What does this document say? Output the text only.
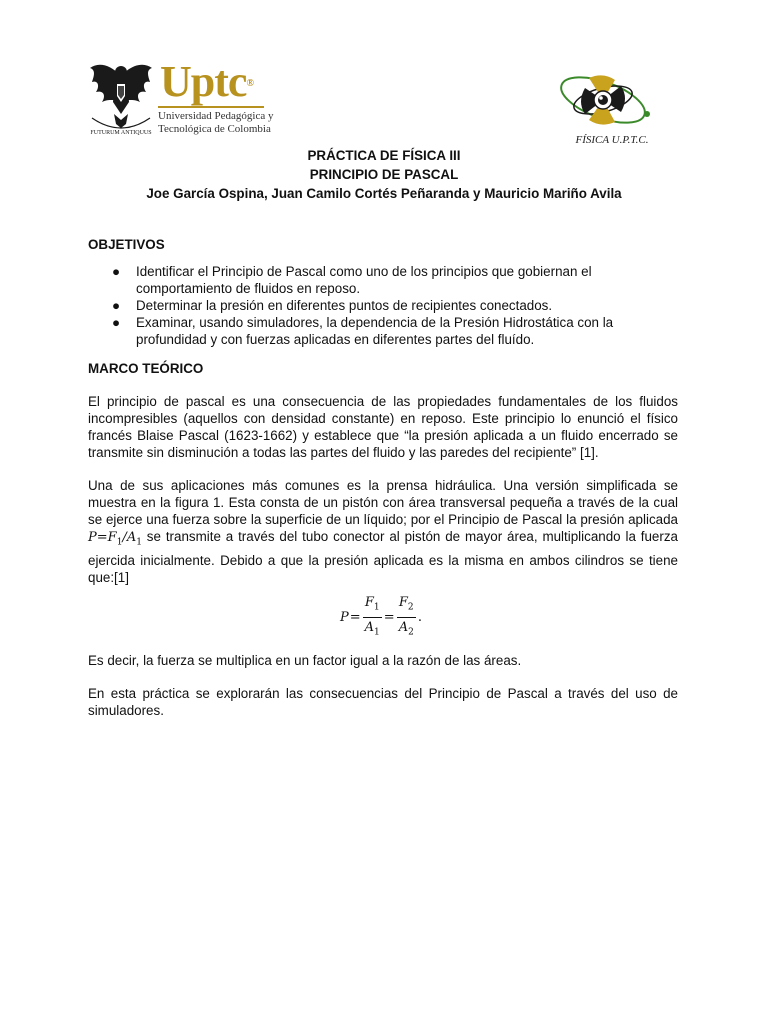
FUTURUM ANTIQUUS
Uptc®
Universidad Pedagógica y
Tecnológica de Colombia
FÍSICA U.P.T.C.
PRÁCTICA DE FÍSICA III
PRINCIPIO DE PASCAL
Joe García Ospina, Juan Camilo Cortés Peñaranda y Mauricio Mariño Avila
OBJETIVOS
● Identificar el Principio de Pascal como uno de los principios que gobiernan el comportamiento de fluidos en reposo.
● Determinar la presión en diferentes puntos de recipientes conectados.
● Examinar, usando simuladores, la dependencia de la Presión Hidrostática con la profundidad y con fuerzas aplicadas en diferentes partes del fluído.
MARCO TEÓRICO

El principio de pascal es una consecuencia de las propiedades fundamentales de los fluidos incompresibles (aquellos con densidad constante) en reposo. Este principio lo enunció el físico francés Blaise Pascal (1623-1662) y establece que “la presión aplicada a un fluido encerrado se transmite sin disminución a todas las partes del fluido y las paredes del recipiente” [1].

Una de sus aplicaciones más comunes es la prensa hidráulica. Una versión simplificada se muestra en la figura 1. Esta consta de un pistón con área transversal pequeña a través de la cual se ejerce una fuerza sobre la superficie de un líquido; por el Principio de Pascal la presión aplicada $P=F_1/A_1$ se transmite a través del tubo conector al pistón de mayor área, multiplicando la fuerza ejercida inicialmente. Debido a que la presión aplicada es la misma en ambos cilindros se tiene que:[1]

$P = \frac{F_1}{A_1} = \frac{F_2}{A_2}$ .

Es decir, la fuerza se multiplica en un factor igual a la razón de las áreas.

En esta práctica se explorarán las consecuencias del Principio de Pascal a través del uso de simuladores.
